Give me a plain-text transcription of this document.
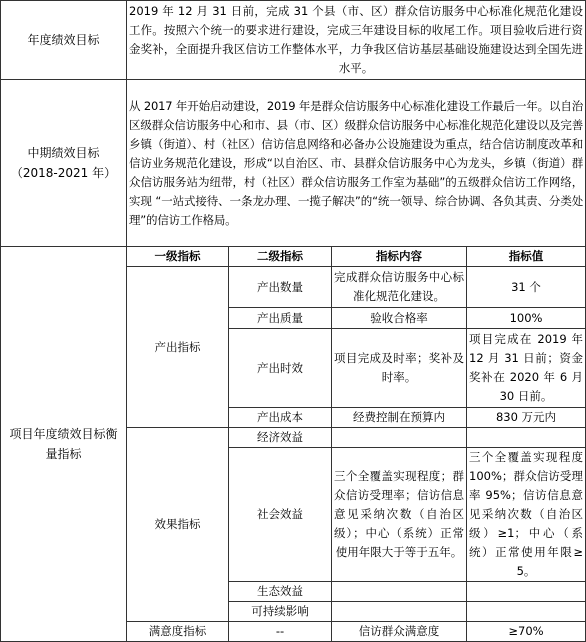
年度绩效目标	2019 年 12 月 31 日前，完成 31 个县（市、区）群众信访服务中心标准化规范化建设工作。按照六个统一的要求进行建设，完成三年建设目标的收尾工作。项目验收后进行资金奖补，全面提升我区信访工作整体水平，力争我区信访基层基础设施建设达到全国先进水平。			

中期绩效目标
（2018-2021 年）	从 2017 年开始启动建设，2019 年是群众信访服务中心标准化建设工作最后一年。以自治区级群众信访服务中心和市、县（市、区）级群众信访服务中心标准化规范化建设以及完善乡镇（街道）、村（社区）信访信息网络和必备办公设施建设为重点，结合信访制度改革和信访业务规范化建设，形成“以自治区、市、县群众信访服务中心为龙头，乡镇（街道）群众信访服务站为纽带，村（社区）群众信访服务工作室为基础”的五级群众信访工作网络，实现 “一站式接待、一条龙办理、一揽子解决”的“统一领导、综合协调、各负其责、分类处理”的信访工作格局。			

项目年度绩效目标衡
量指标	一级指标	二级指标	指标内容	指标值
	产出指标	产出数量	完成群众信访服务中心标准化规范化建设。	31 个
		产出质量	验收合格率	100%
		产出时效	项目完成及时率；奖补及时率。	项目完成在 2019 年 12 月 31 日前；资金奖补在 2020 年 6 月 30 日前。
		产出成本	经费控制在预算内	830 万元内
	效果指标	经济效益		
		社会效益	三个全覆盖实现程度；群众信访受理率；信访信息意见采纳次数（自治区级）；中心（系统）正常使用年限大于等于五年。	三个全覆盖实现程度 100%；群众信访受理率 95%；信访信息意见采纳次数（自治区级）≥1；中心（系统）正常使用年限≥5。
		生态效益		
		可持续影响		
	满意度指标	--	信访群众满意度	≥70%
